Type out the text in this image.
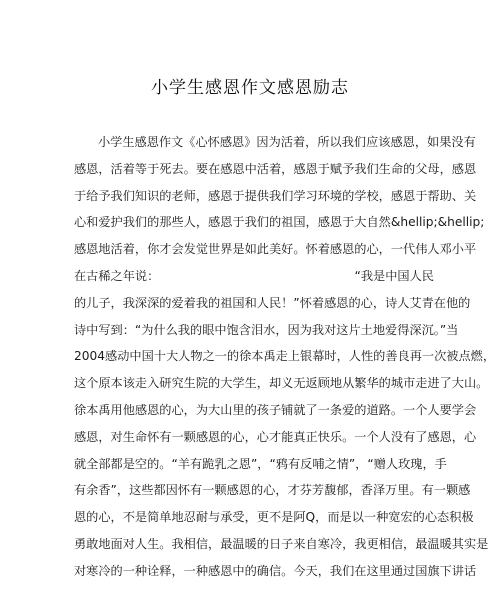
小学生感恩作文感恩励志
小学生感恩作文《心怀感恩》因为活着，所以我们应该感恩，如果没有
感恩，活着等于死去。要在感恩中活着，感恩于赋予我们生命的父母，感恩
于给予我们知识的老师，感恩于提供我们学习环境的学校，感恩于帮助、关
心和爱护我们的那些人，感恩于我们的祖国，感恩于大自然&hellip;&hellip;
感恩地活着，你才会发觉世界是如此美好。怀着感恩的心，一代伟人邓小平
在古稀之年说：	“我是中国人民
的儿子，我深深的爱着我的祖国和人民！”怀着感恩的心，诗人艾青在他的
诗中写到：“为什么我的眼中饱含泪水，因为我对这片土地爱得深沉。”当
2004感动中国十大人物之一的徐本禹走上银幕时，人性的善良再一次被点燃，
这个原本该走入研究生院的大学生，却义无返顾地从繁华的城市走进了大山。
徐本禹用他感恩的心，为大山里的孩子铺就了一条爱的道路。一个人要学会
感恩，对生命怀有一颗感恩的心，心才能真正快乐。一个人没有了感恩，心
就全部都是空的。“羊有跪乳之恩”，“鸦有反哺之情”，“赠人玫瑰，手
有余香”，这些都因怀有一颗感恩的心，才芬芳馥郁，香泽万里。有一颗感
恩的心，不是简单地忍耐与承受，更不是阿Q，而是以一种宽宏的心态积极
勇敢地面对人生。我相信，最温暖的日子来自寒冷，我更相信，最温暖其实是
对寒冷的一种诠释，一种感恩中的确信。今天，我们在这里通过国旗下讲话
